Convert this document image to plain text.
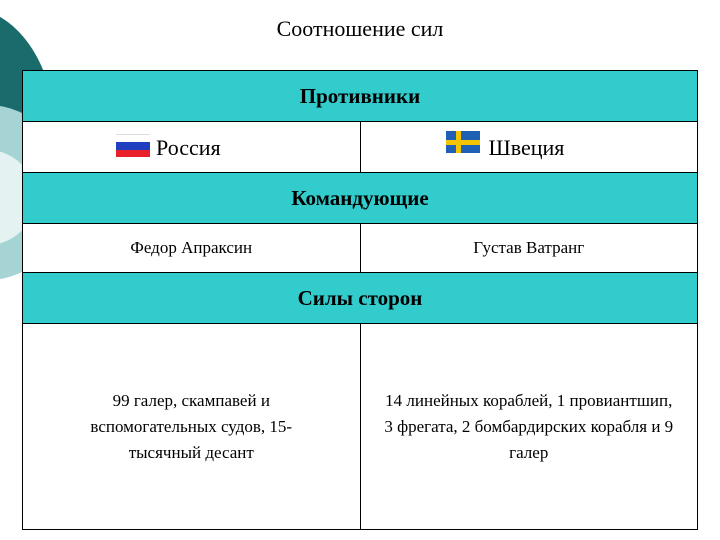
Соотношение сил
Противники	

Россия	Швеция

Командующие	
Федор Апраксин	Густав Ватранг
Силы сторон	

99 галер, скампавей и вспомогательных судов, 15-тысячный десант	14 линейных кораблей, 1 провиантшип, 3 фрегата, 2 бомбардирских корабля и 9 галер
